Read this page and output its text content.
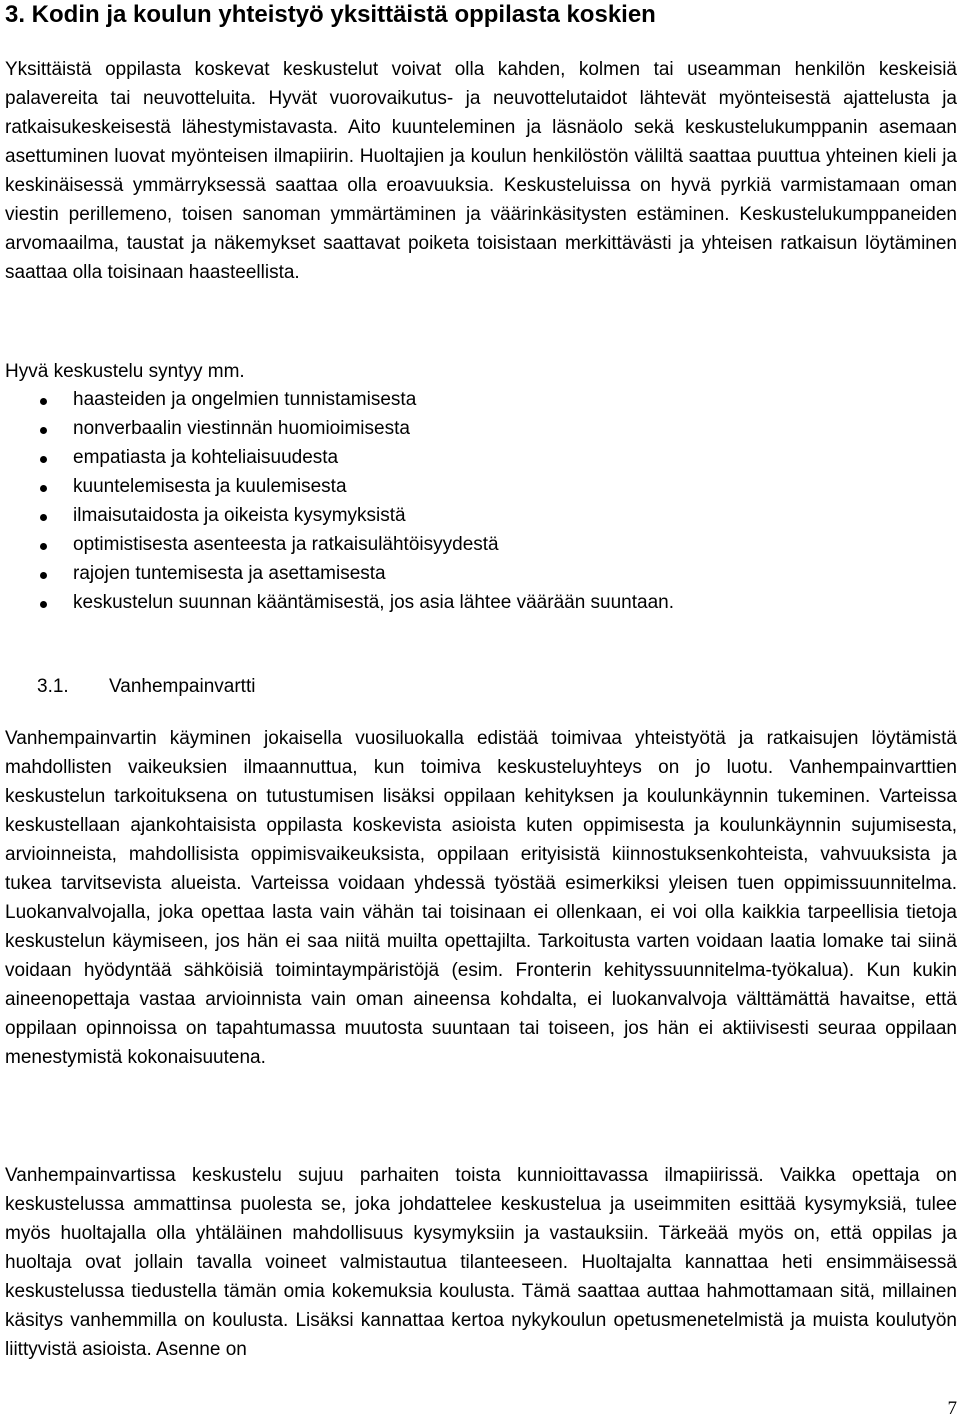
3. Kodin ja koulun yhteistyö yksittäistä oppilasta koskien

Yksittäistä oppilasta koskevat keskustelut voivat olla kahden, kolmen tai useamman henkilön keskeisiä palavereita tai neuvotteluita. Hyvät vuorovaikutus- ja neuvottelutaidot lähtevät myönteisestä ajattelusta ja ratkaisukeskeisestä lähestymistavasta. Aito kuunteleminen ja läsnäolo sekä keskustelukumppanin asemaan asettuminen luovat myönteisen ilmapiirin. Huoltajien ja koulun henkilöstön väliltä saattaa puuttua yhteinen kieli ja keskinäisessä ymmärryksessä saattaa olla eroavuuksia. Keskusteluissa on hyvä pyrkiä varmistamaan oman viestin perillemeno, toisen sanoman ymmärtäminen ja väärinkäsitysten estäminen. Keskustelukumppaneiden arvomaailma, taustat ja näkemykset saattavat poiketa toisistaan merkittävästi ja yhteisen ratkaisun löytäminen saattaa olla toisinaan haasteellista.

Hyvä keskustelu syntyy mm.

haasteiden ja ongelmien tunnistamisesta
nonverbaalin viestinnän huomioimisesta
empatiasta ja kohteliaisuudesta
kuuntelemisesta ja kuulemisesta
ilmaisutaidosta ja oikeista kysymyksistä
optimistisesta asenteesta ja ratkaisulähtöisyydestä
rajojen tuntemisesta ja asettamisesta
keskustelun suunnan kääntämisestä, jos asia lähtee väärään suuntaan.
3.1. Vanhempainvartti

Vanhempainvartin käyminen jokaisella vuosiluokalla edistää toimivaa yhteistyötä ja ratkaisujen löytämistä mahdollisten vaikeuksien ilmaannuttua, kun toimiva keskusteluyhteys on jo luotu. Vanhempainvarttien keskustelun tarkoituksena on tutustumisen lisäksi oppilaan kehityksen ja koulunkäynnin tukeminen. Varteissa keskustellaan ajankohtaisista oppilasta koskevista asioista kuten oppimisesta ja koulunkäynnin sujumisesta, arvioinneista, mahdollisista oppimisvaikeuksista, oppilaan erityisistä kiinnostuksenkohteista, vahvuuksista ja tukea tarvitsevista alueista. Varteissa voidaan yhdessä työstää esimerkiksi yleisen tuen oppimissuunnitelma. Luokanvalvojalla, joka opettaa lasta vain vähän tai toisinaan ei ollenkaan, ei voi olla kaikkia tarpeellisia tietoja keskustelun käymiseen, jos hän ei saa niitä muilta opettajilta. Tarkoitusta varten voidaan laatia lomake tai siinä voidaan hyödyntää sähköisiä toimintaympäristöjä (esim. Fronterin kehityssuunnitelma-työkalua). Kun kukin aineenopettaja vastaa arvioinnista vain oman aineensa kohdalta, ei luokanvalvoja välttämättä havaitse, että oppilaan opinnoissa on tapahtumassa muutosta suuntaan tai toiseen, jos hän ei aktiivisesti seuraa oppilaan menestymistä kokonaisuutena.

Vanhempainvartissa keskustelu sujuu parhaiten toista kunnioittavassa ilmapiirissä. Vaikka opettaja on keskustelussa ammattinsa puolesta se, joka johdattelee keskustelua ja useimmiten esittää kysymyksiä, tulee myös huoltajalla olla yhtäläinen mahdollisuus kysymyksiin ja vastauksiin. Tärkeää myös on, että oppilas ja huoltaja ovat jollain tavalla voineet valmistautua tilanteeseen. Huoltajalta kannattaa heti ensimmäisessä keskustelussa tiedustella tämän omia kokemuksia koulusta. Tämä saattaa auttaa hahmottamaan sitä, millainen käsitys vanhemmilla on koulusta. Lisäksi kannattaa kertoa nykykoulun opetusmenetelmistä ja muista koulutyön liittyvistä asioista. Asenne on

7
